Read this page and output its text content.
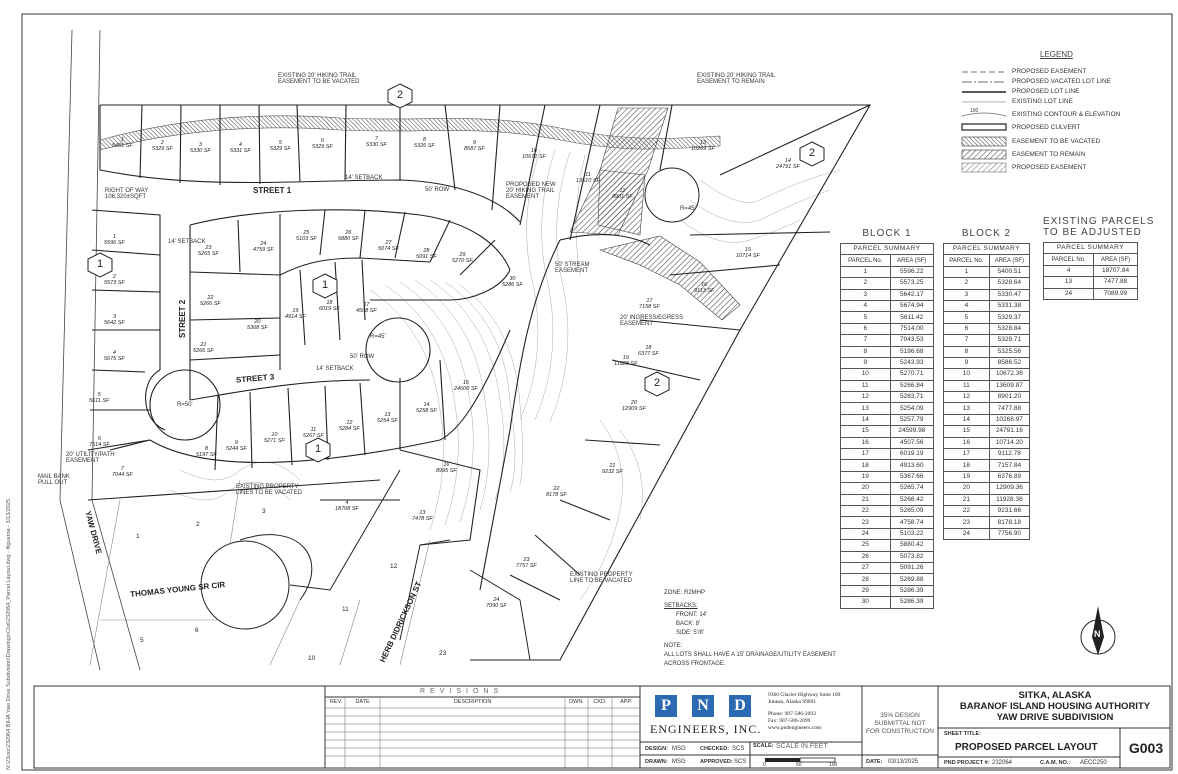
STREET 1
STREET 2
STREET 3
YAW DRIVE
THOMAS YOUNG SR CIR	HERB DIDRICKSON ST
EXISTING 20' HIKING TRAIL
EASEMENT TO BE VACATED
EXISTING 20' HIKING TRAIL
EASEMENT TO REMAIN
RIGHT OF WAY
106,320±SQFT
PROPOSED NEW
20' HIKING TRAIL
EASEMENT
50' STREAM
EASEMENT
20' INGRESS/EGRESS
EASEMENT
20' UTILITY/PATH
EASEMENT
MAIL BANK
PULL OUT
EXISTING PROPERTY
LINES TO BE VACATED
EXISTING PROPERTY
LINE TO BE VACATED
14' SETBACK
14' SETBACK
14' SETBACK
50' ROW
50' ROW
R=45'
R=45'
R=50'
ZONE: R2MHP
SETBACKS:
FRONT: 14'
BACK: 8'
SIDE: 5'/8'
NOTE:
ALL LOTS SHALL HAVE A 15' DRAINAGE/UTILITY EASEMENT
ACROSS FRONTAGE.
N:\23xxx\232064 BIHA Yaw Drive Subdivision\Drawings\Civil\232064_Parcel Layout.dwg - lfigueroa - 3/13/2025
1
5401 SF	2
5329 SF
3
5330 SF
4
5331 SF
5
5329 SF
6
5329 SF
7
5330 SF
8
5326 SF	9
8587 SF	10
10672 SF
11
13610 SF
12
8901 SF
13
10269 SF
14
24791 SF
15
10714 SF
16
9113 SF
17
7158 SF
18
6377 SF
19
11928 SF
20
12909 SF
21
9232 SF
22
8178 SF
23
7757 SF
24
7090 SF
1
5596 SF
2
5573 SF
3
5642 SF
4
5675 SF
5
5611 SF
6
7514 SF
7
7044 SF
8
5197 SF
9
5244 SF
10
5271 SF
11
5267 SF
12
5284 SF
13
5254 SF
14
5258 SF
15
24600 SF
16
8995 SF
17
4508 SF
18
6019 SF
19
4914 SF
20
5368 SF
21
5266 SF
22
5266 SF
23
5265 SF
24
4759 SF
25
5103 SF
26
5880 SF
27
5074 SF	28
5091 SF	29
5270 SF
30
5286 SF
4
18708 SF
13
7478 SF
1
2
3
5
6
10
11
12
23
2
2
2
1
1
1
LEGEND
PROPOSED EASEMENT
PROPOSED VACATED LOT LINE
PROPOSED LOT LINE
EXISTING LOT LINE
EXISTING CONTOUR & ELEVATION
100
PROPOSED CULVERT
EASEMENT TO BE VACATED
EASEMENT TO REMAIN
PROPOSED EASEMENT
BLOCK 1
PARCEL SUMMARY	
PARCEL No.	AREA (SF)
1	5596.22
2	5573.25
3	5642.17
4	5674.94
5	5611.42
6	7514.00
7	7043.53
8	5196.68
9	5243.93
10	5270.71
11	5266.84
12	5283.71
13	5254.09
14	5257.79
15	24599.98
16	4507.56
17	6019.19
18	4913.60
19	5367.66
20	5265.74
21	5266.42
22	5265.09
23	4758.74
24	5103.22
25	5880.42
26	5073.82
27	5091.26
28	5269.88
29	5286.39
30	5286.39
BLOCK 2
PARCEL SUMMARY	
PARCEL No.	AREA (SF)
1	5400.51
2	5328.64
3	5330.47
4	5331.38
5	5329.37
6	5328.84
7	5329.71
8	5325.56
9	8586.52
10	10672.36
11	13609.87
12	8901.20
13	7477.88
14	10268.97
15	24791.16
16	10714.20
17	9112.78
18	7157.84
19	6376.89
20	12909.36
21	11928.36
22	9231.66
23	8178.18
24	7756.90
EXISTING PARCELS
TO BE ADJUSTED
PARCEL SUMMARY	
PARCEL No.	AREA (SF)
4	18707.84
13	7477.88
24	7089.99
N
REVISIONS
REV.	DATE	DESCRIPTION	DWN.	CKD.	APP.	P	N	D
ENGINEERS, INC.
9360 Glacier Highway Suite 100
Juneau, Alaska 99801
Phone: 907-586-2093
Fax: 907-586-2099
www.pndengineers.com
DESIGN: MSG	CHECKED: SCS
DRAWN: MSG	APPROVED: SCS
SCALE: SCALE IN FEET
0	50	100
35% DESIGN
SUBMITTAL NOT
FOR CONSTRUCTION
DATE: 03/13/2025
SITKA, ALASKA
BARANOF ISLAND HOUSING AUTHORITY
YAW DRIVE SUBDIVISION
SHEET TITLE:
PROPOSED PARCEL LAYOUT
PND PROJECT #: 232064	C.A.M. NO.: AECC250
G003
